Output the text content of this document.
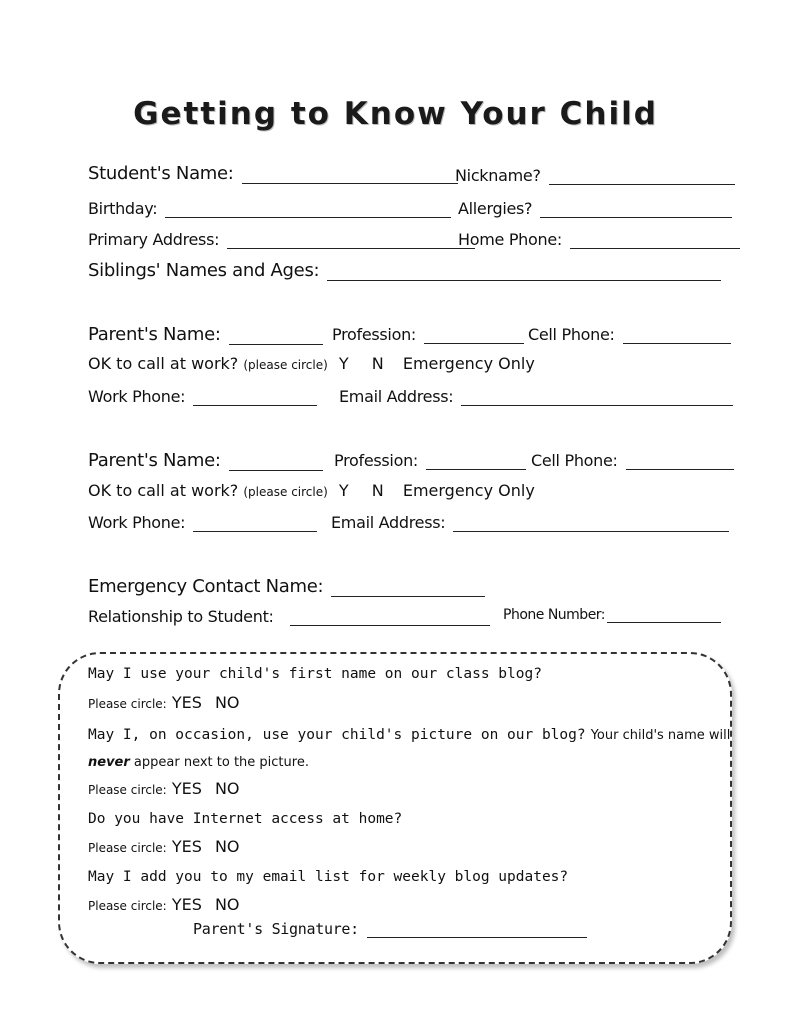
Getting to Know Your Child
Student's Name:	Nickname?
Birthday:	Allergies?
Primary Address:	Home Phone:
Siblings' Names and Ages:
Parent's Name:	Profession:	Cell Phone:
OK to call at work? (please circle) Y N Emergency Only
Work Phone:	Email Address:
Parent's Name:	Profession:	Cell Phone:
OK to call at work? (please circle) Y N Emergency Only
Work Phone:	Email Address:
Emergency Contact Name:
Relationship to Student:	Phone Number:
May I use your child's first name on our class blog?
Please circle: YES NO
May I, on occasion, use your child's picture on our blog? Your child's name will
never appear next to the picture.
Please circle: YES NO
Do you have Internet access at home?
Please circle: YES NO
May I add you to my email list for weekly blog updates?
Please circle: YES NO
Parent's Signature:
